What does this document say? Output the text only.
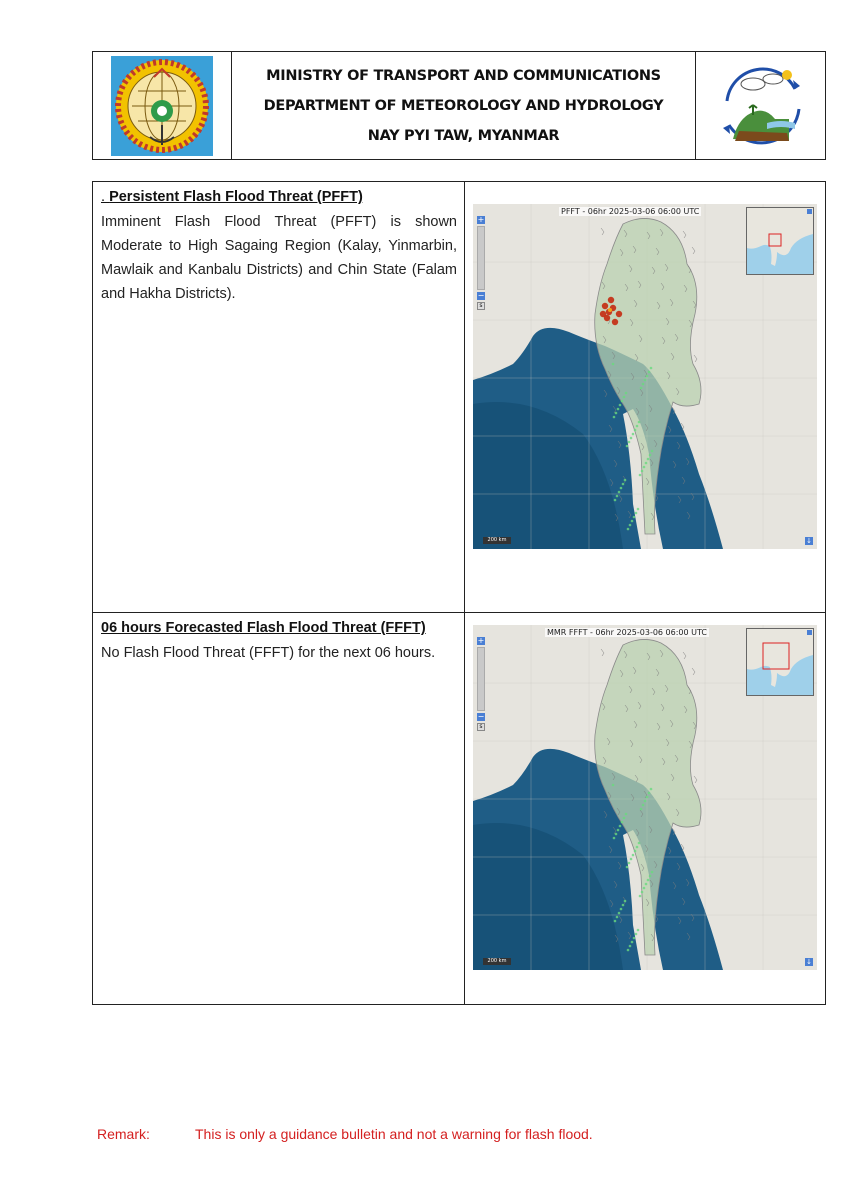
MINISTRY OF TRANSPORT AND COMMUNICATIONS
DEPARTMENT OF METEOROLOGY AND HYDROLOGY
NAY PYI TAW, MYANMAR
. Persistent Flash Flood Threat (PFFT)
Imminent Flash Flood Threat (PFFT) is shown Moderate to High Sagaing Region (Kalay, Yinmarbin, Mawlaik and Kanbalu Districts) and Chin State (Falam and Hakha Districts).
PFFT - 06hr 2025-03-06 06:00 UTC
+
−
s
200 km	↓
06 hours Forecasted Flash Flood Threat (FFFT)
No Flash Flood Threat (FFFT) for the next 06 hours.
MMR FFFT - 06hr 2025-03-06 06:00 UTC
+
−
s
200 km	↓
Remark:	This is only a guidance bulletin and not a warning for flash flood.
